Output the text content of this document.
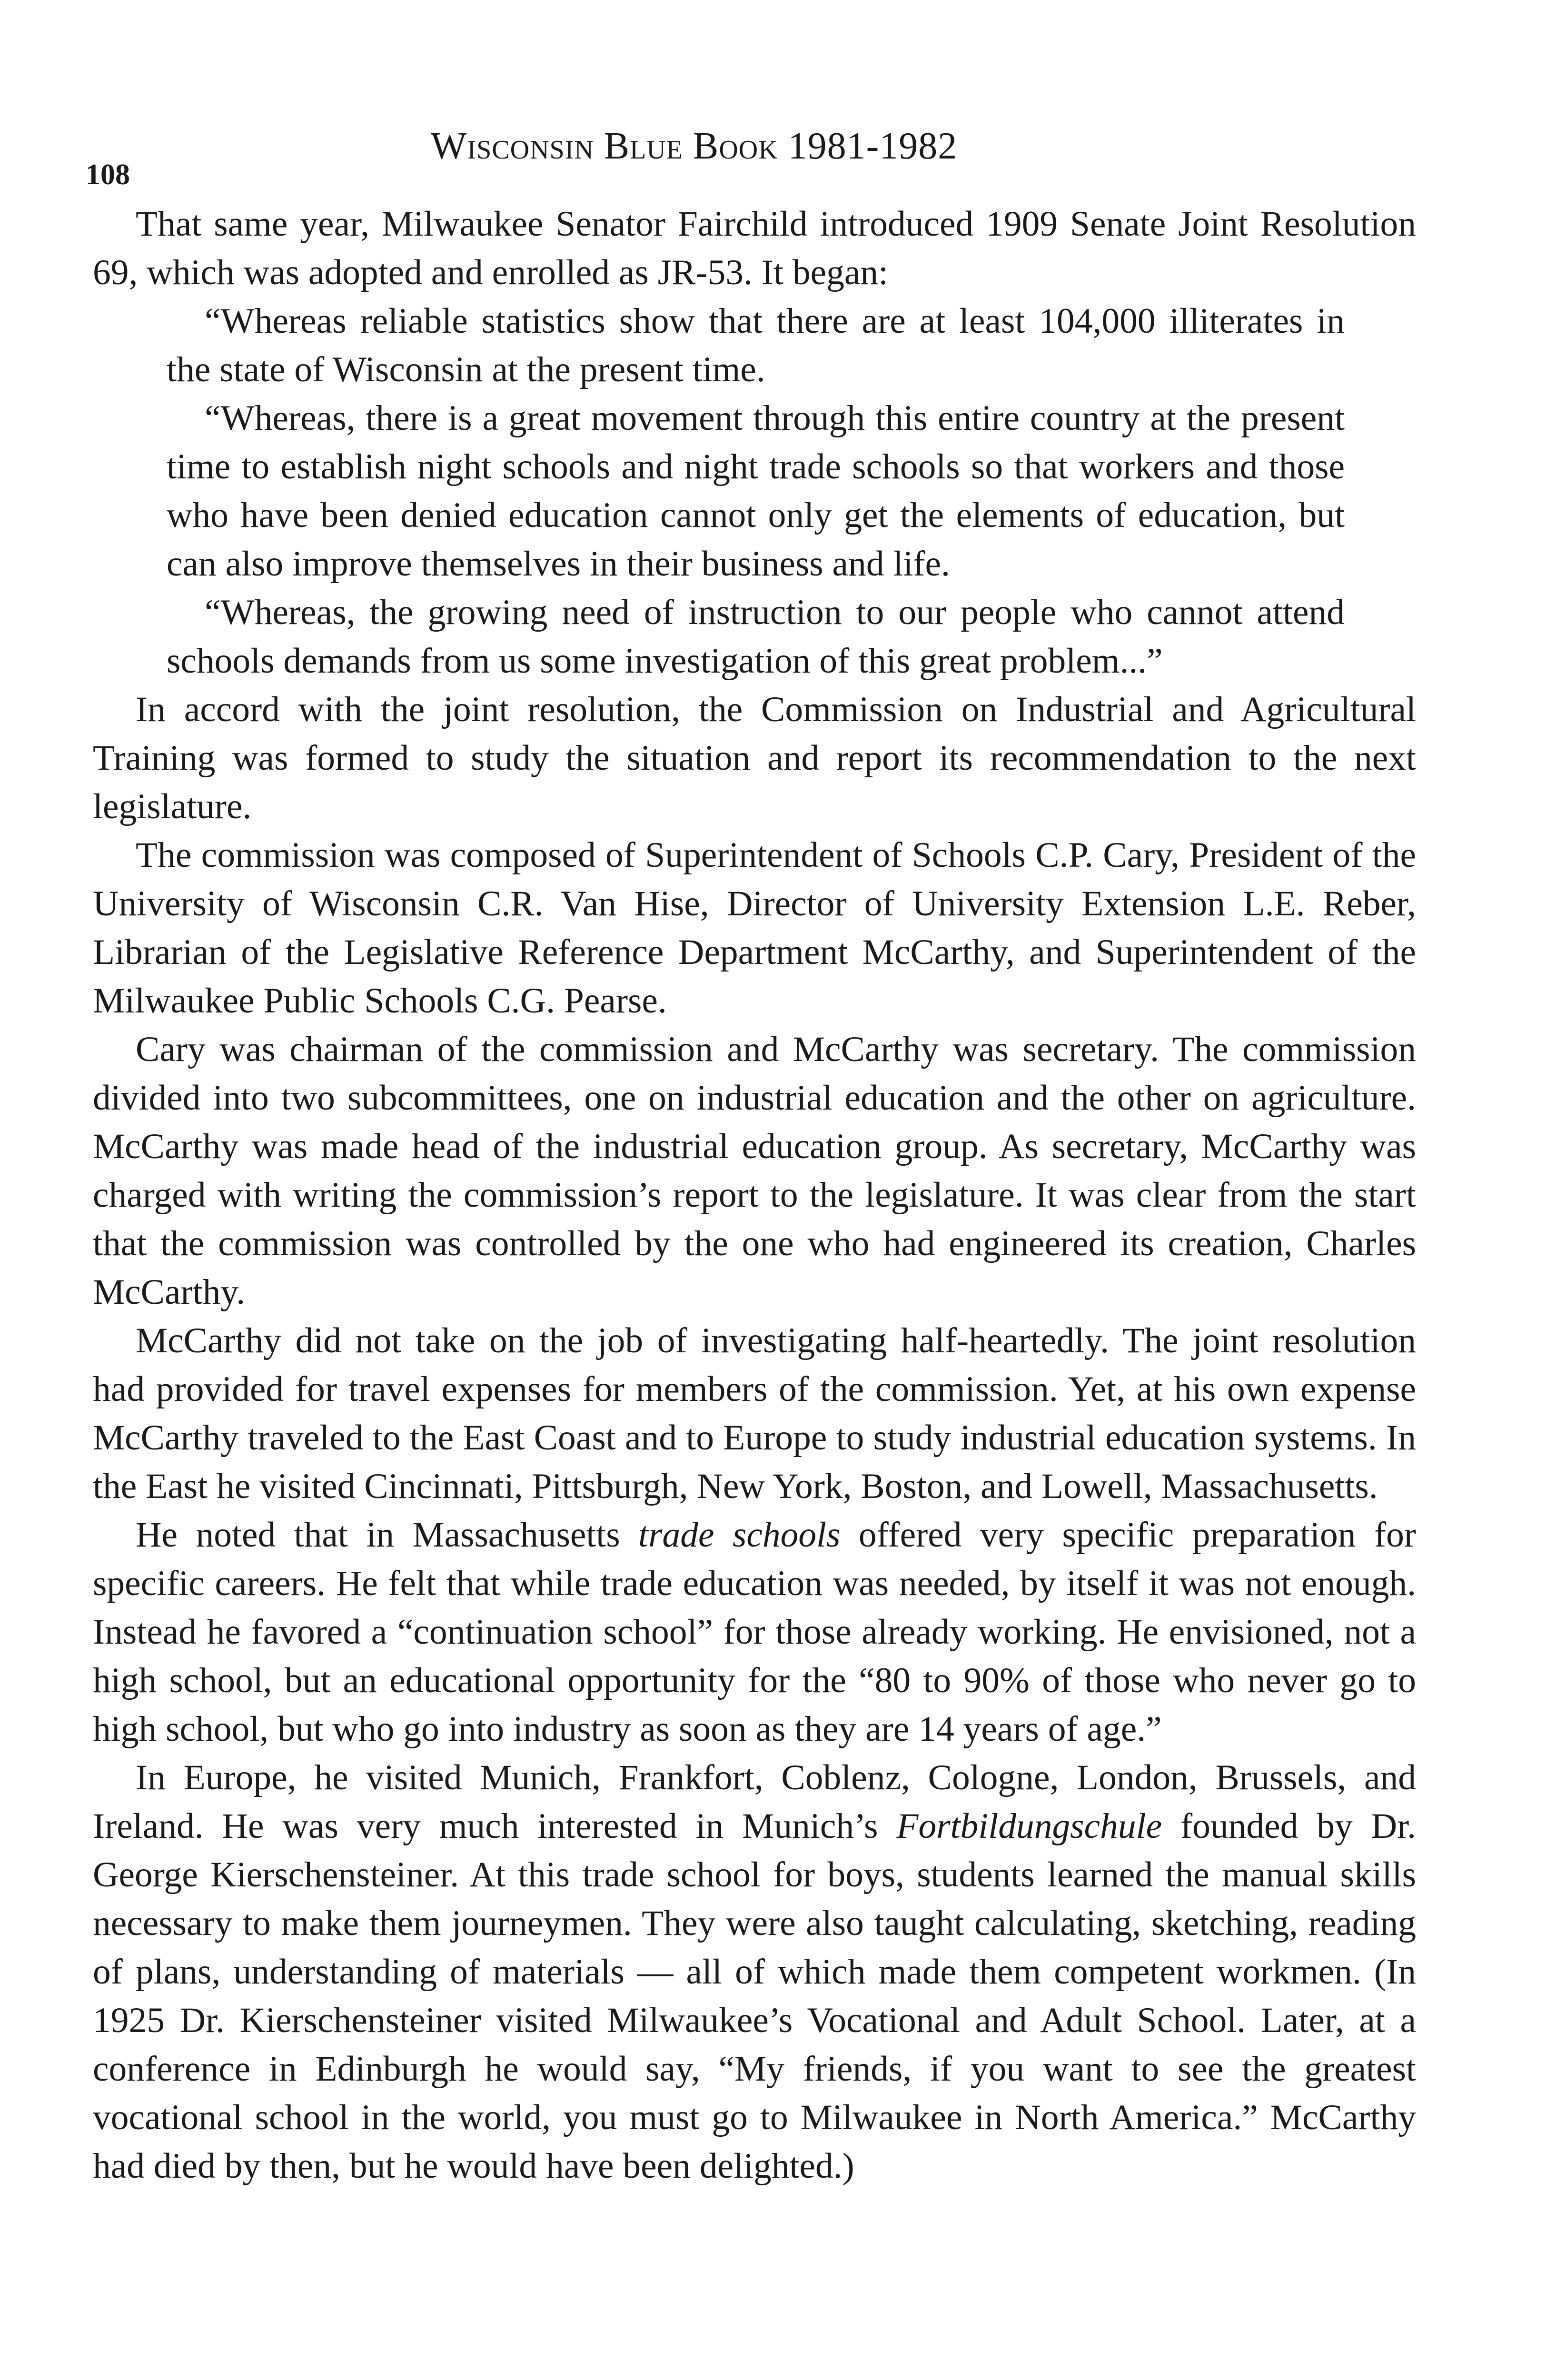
108
Wisconsin Blue Book 1981-1982

That same year, Milwaukee Senator Fairchild introduced 1909 Senate Joint Resolution 69, which was adopted and enrolled as JR-53. It began:

“Whereas reliable statistics show that there are at least 104,000 illiterates in the state of Wisconsin at the present time.

“Whereas, there is a great movement through this entire country at the present time to establish night schools and night trade schools so that workers and those who have been denied education cannot only get the elements of education, but can also improve themselves in their business and life.

“Whereas, the growing need of instruction to our people who cannot attend schools demands from us some investigation of this great problem...”

In accord with the joint resolution, the Commission on Industrial and Agricultural Training was formed to study the situation and report its recommendation to the next legislature.

The commission was composed of Superintendent of Schools C.P. Cary, President of the University of Wisconsin C.R. Van Hise, Director of University Extension L.E. Reber, Librarian of the Legislative Reference Department McCarthy, and Superintendent of the Milwaukee Public Schools C.G. Pearse.

Cary was chairman of the commission and McCarthy was secretary. The commission divided into two subcommittees, one on industrial education and the other on agriculture. McCarthy was made head of the industrial education group. As secretary, McCarthy was charged with writing the commission’s report to the legislature. It was clear from the start that the commission was controlled by the one who had engineered its creation, Charles McCarthy.

McCarthy did not take on the job of investigating half-heartedly. The joint resolution had provided for travel expenses for members of the commission. Yet, at his own expense McCarthy traveled to the East Coast and to Europe to study industrial education systems. In the East he visited Cincinnati, Pittsburgh, New York, Boston, and Lowell, Massachusetts.

He noted that in Massachusetts trade schools offered very specific preparation for specific careers. He felt that while trade education was needed, by itself it was not enough. Instead he favored a “continuation school” for those already working. He envisioned, not a high school, but an educational opportunity for the “80 to 90% of those who never go to high school, but who go into industry as soon as they are 14 years of age.”

In Europe, he visited Munich, Frankfort, Coblenz, Cologne, London, Brussels, and Ireland. He was very much interested in Munich’s Fortbildungschule founded by Dr. George Kierschensteiner. At this trade school for boys, students learned the manual skills necessary to make them journeymen. They were also taught calculating, sketching, reading of plans, understanding of materials — all of which made them competent workmen. (In 1925 Dr. Kierschensteiner visited Milwaukee’s Vocational and Adult School. Later, at a conference in Edinburgh he would say, “My friends, if you want to see the greatest vocational school in the world, you must go to Milwaukee in North America.” McCarthy had died by then, but he would have been delighted.)
